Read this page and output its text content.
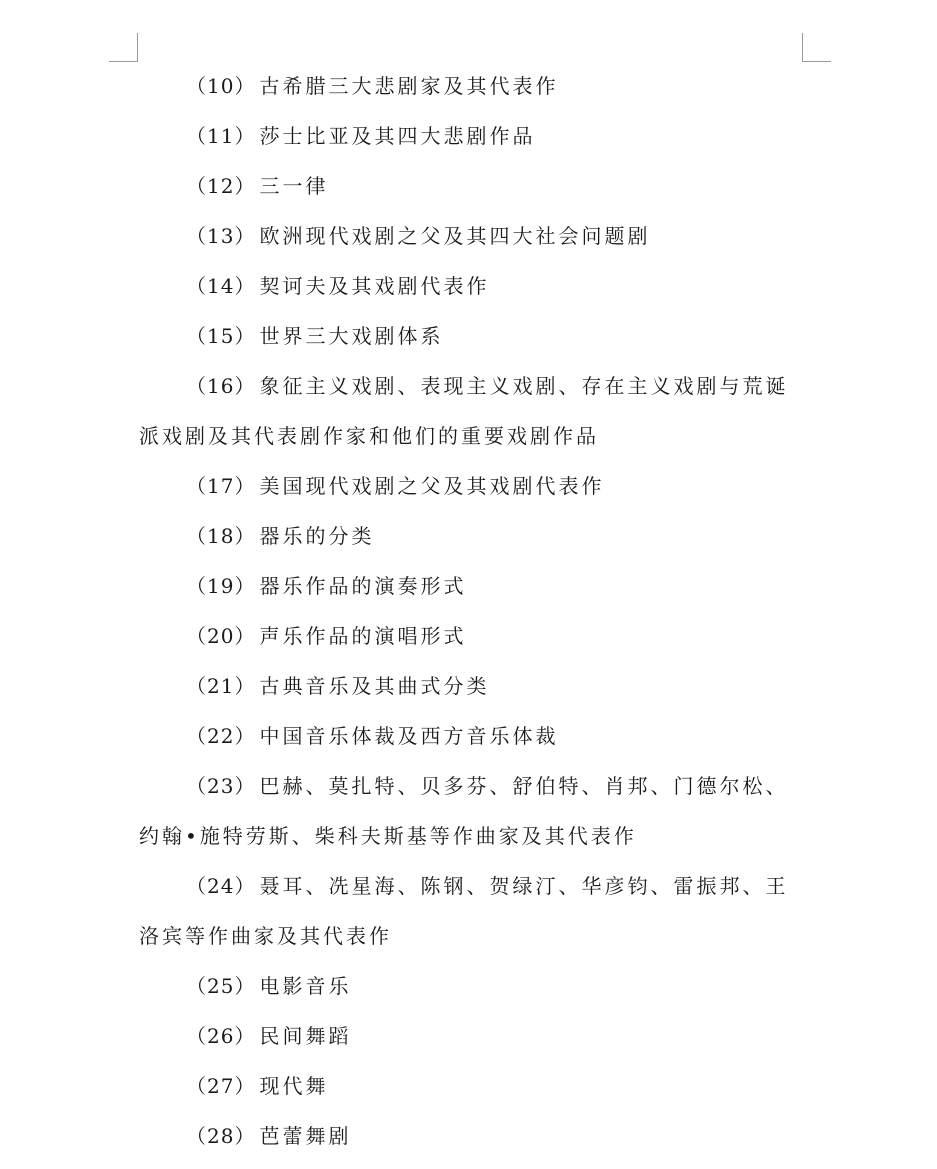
（10） 古希腊三大悲剧家及其代表作

（11） 莎士比亚及其四大悲剧作品

（12） 三一律

（13） 欧洲现代戏剧之父及其四大社会问题剧

（14） 契诃夫及其戏剧代表作

（15） 世界三大戏剧体系

（16） 象征主义戏剧、表现主义戏剧、存在主义戏剧与荒诞派戏剧及其代表剧作家和他们的重要戏剧作品

（17） 美国现代戏剧之父及其戏剧代表作

（18） 器乐的分类

（19） 器乐作品的演奏形式

（20） 声乐作品的演唱形式

（21） 古典音乐及其曲式分类

（22） 中国音乐体裁及西方音乐体裁

（23） 巴赫、莫扎特、贝多芬、舒伯特、肖邦、门德尔松、约翰•施特劳斯、柴科夫斯基等作曲家及其代表作

（24） 聂耳、冼星海、陈钢、贺绿汀、华彦钧、雷振邦、王洛宾等作曲家及其代表作

（25） 电影音乐

（26） 民间舞蹈

（27） 现代舞

（28） 芭蕾舞剧
